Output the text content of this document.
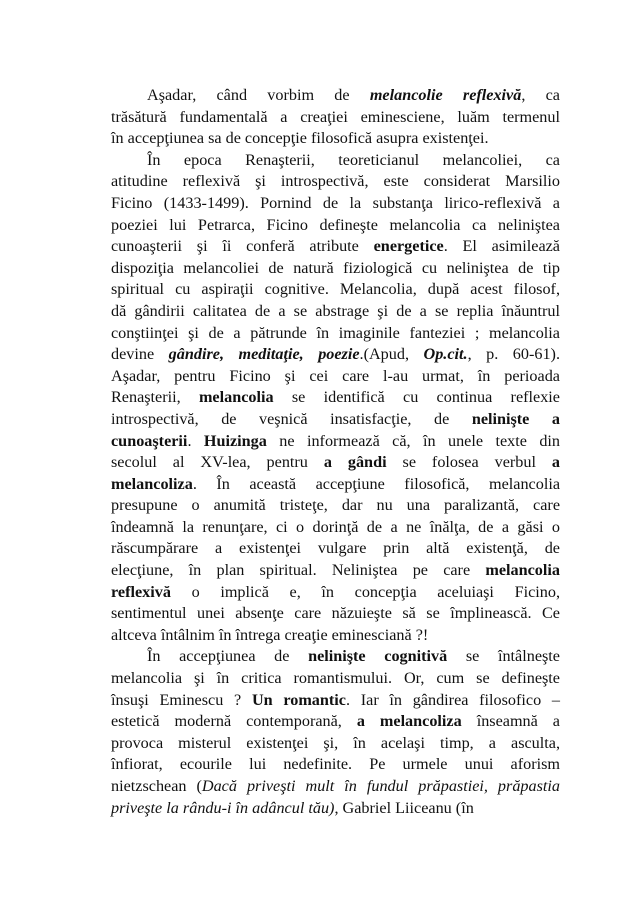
Aşadar, când vorbim de melancolie reflexivă, ca
trăsătură fundamentală a creaţiei eminesciene, luăm termenul
în accepţiunea sa de concepţie filosofică asupra existenţei.
În epoca Renaşterii, teoreticianul melancoliei, ca
atitudine reflexivă şi introspectivă, este considerat Marsilio
Ficino (1433-1499). Pornind de la substanţa lirico-reflexivă a
poeziei lui Petrarca, Ficino defineşte melancolia ca neliniştea
cunoaşterii şi îi conferă atribute energetice. El asimilează
dispoziţia melancoliei de natură fiziologică cu neliniştea de tip
spiritual cu aspiraţii cognitive. Melancolia, după acest filosof,
dă gândirii calitatea de a se abstrage şi de a se replia înăuntrul
conştiinţei şi de a pătrunde în imaginile fanteziei ; melancolia
devine gândire, meditaţie, poezie.(Apud, Op.cit., p. 60-61).
Aşadar, pentru Ficino şi cei care l-au urmat, în perioada
Renaşterii, melancolia se identifică cu continua reflexie
introspectivă, de veşnică insatisfacţie, de nelinişte a
cunoaşterii. Huizinga ne informează că, în unele texte din
secolul al XV-lea, pentru a gândi se folosea verbul a
melancoliza. În această accepţiune filosofică, melancolia
presupune o anumită tristeţe, dar nu una paralizantă, care
îndeamnă la renunţare, ci o dorinţă de a ne înălţa, de a găsi o
răscumpărare a existenţei vulgare prin altă existenţă, de
elecţiune, în plan spiritual. Neliniştea pe care melancolia
reflexivă o implică e, în concepţia aceluiaşi Ficino,
sentimentul unei absenţe care năzuieşte să se împlinească. Ce
altceva întâlnim în întrega creaţie eminesciană ?!
În accepţiunea de nelinişte cognitivă se întâlneşte
melancolia şi în critica romantismului. Or, cum se defineşte
însuşi Eminescu ? Un romantic. Iar în gândirea filosofico –
estetică modernă contemporană, a melancoliza înseamnă a
provoca misterul existenţei şi, în acelaşi timp, a asculta,
înfiorat, ecourile lui nedefinite. Pe urmele unui aforism
nietzschean (Dacă priveşti mult în fundul prăpastiei, prăpastia
priveşte la rându-i în adâncul tău), Gabriel Liiceanu (în
